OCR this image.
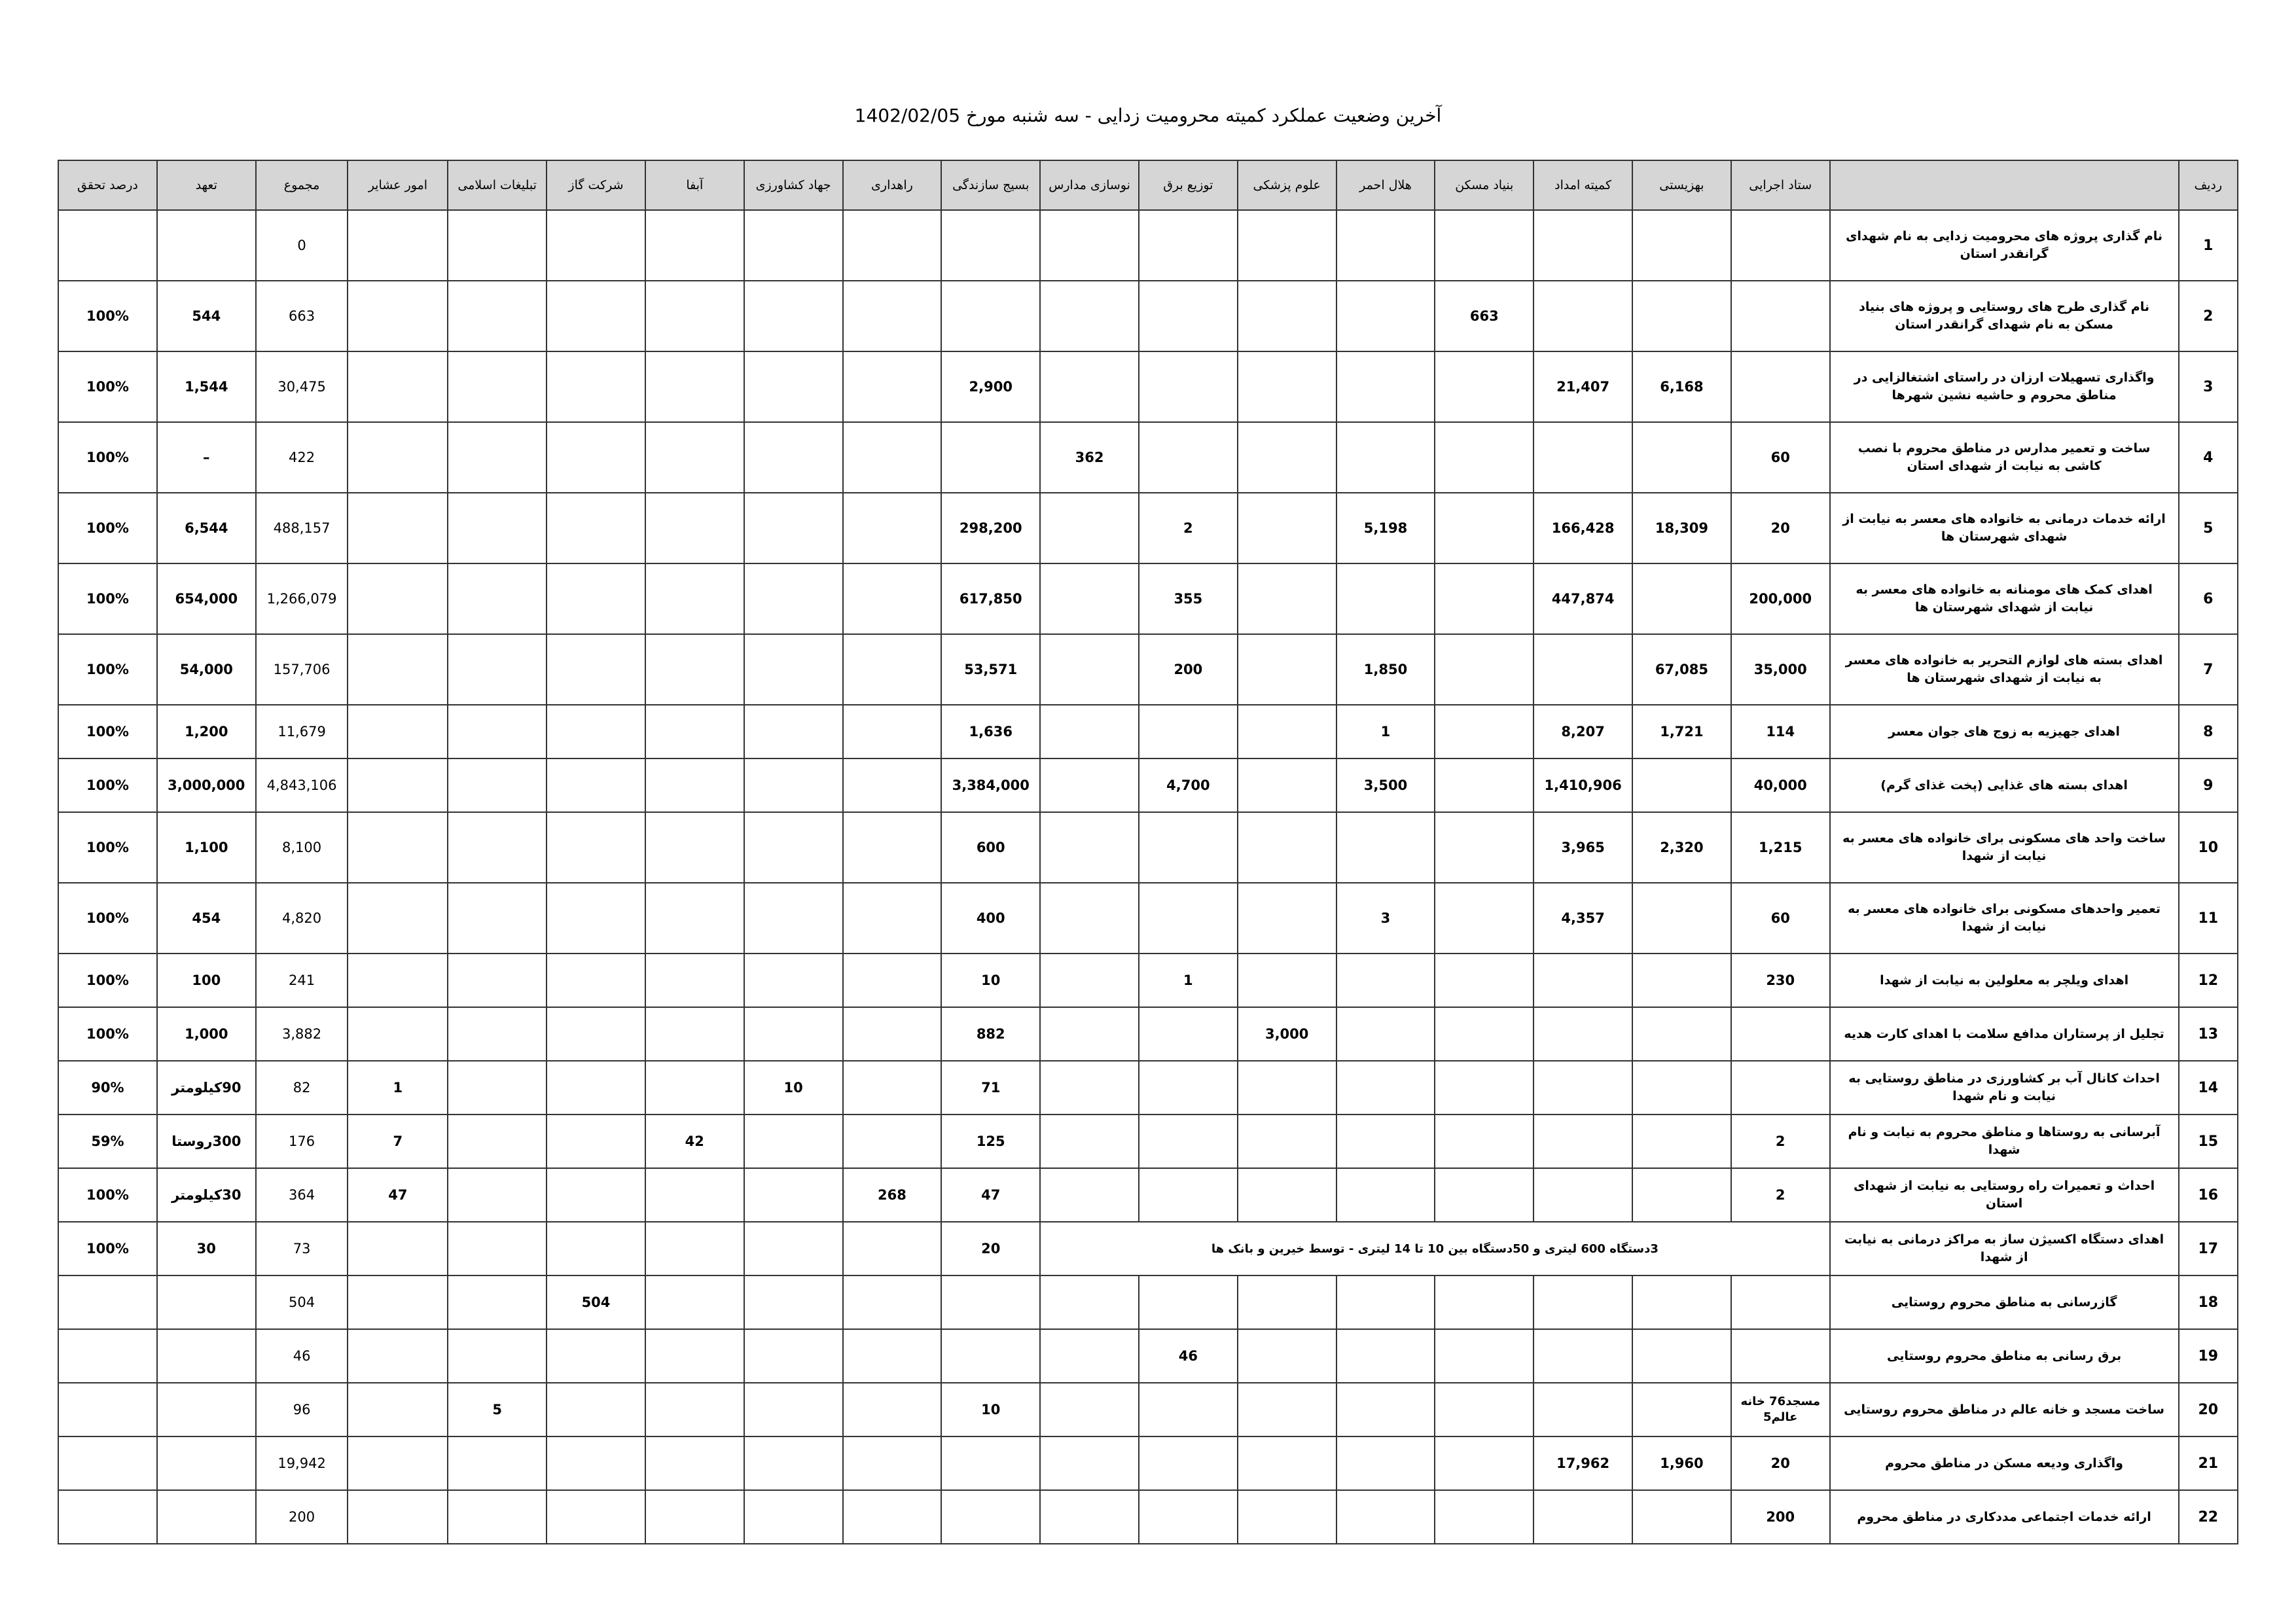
آخرین وضعیت عملکرد کمیته محرومیت زدایی - سه شنبه مورخ 1402/02/05
ردیف		ستاد اجرایی	بهزیستی	کمیته امداد	بنیاد مسکن	هلال احمر	علوم پزشکی	توزیع برق	نوسازی مدارس	بسیج سازندگی	راهداری	جهاد کشاورزی	آبفا	شرکت گاز	تبلیغات اسلامی	امور عشایر	مجموع	تعهد	درصد تحقق
1	نام گذاری پروژه های محرومیت زدایی به نام شهدای گرانقدر استان																0		
2	نام گذاری طرح های روستایی و پروژه های بنیاد مسکن به نام شهدای گرانقدر استان				663												663	544	100%
3	واگذاری تسهیلات ارزان در راستای اشتغالزایی در مناطق محروم و حاشیه نشین شهرها		6,168	21,407						2,900							30,475	1,544	100%
4	ساخت و تعمیر مدارس در مناطق محروم با نصب کاشی به نیابت از شهدای استان	60							362								422	–	100%
5	ارائه خدمات درمانی به خانواده های معسر به نیابت از شهدای شهرستان ها	20	18,309	166,428		5,198		2		298,200							488,157	6,544	100%
6	اهدای کمک های مومنانه به خانواده های معسر به نیابت از شهدای شهرستان ها	200,000		447,874				355		617,850							1,266,079	654,000	100%
7	اهدای بسته های لوازم التحریر به خانواده های معسر به نیابت از شهدای شهرستان ها	35,000	67,085			1,850		200		53,571							157,706	54,000	100%
8	اهدای جهیزیه به زوج های جوان معسر	114	1,721	8,207		1				1,636							11,679	1,200	100%
9	اهدای بسته های غذایی (پخت غذای گرم)	40,000		1,410,906		3,500		4,700		3,384,000							4,843,106	3,000,000	100%
10	ساخت واحد های مسکونی برای خانواده های معسر به نیابت از شهدا	1,215	2,320	3,965						600							8,100	1,100	100%
11	تعمیر واحدهای مسکونی برای خانواده های معسر به نیابت از شهدا	60		4,357		3				400							4,820	454	100%
12	اهدای ویلچر به معلولین به نیابت از شهدا	230						1		10							241	100	100%
13	تجلیل از پرستاران مدافع سلامت با اهدای کارت هدیه						3,000			882							3,882	1,000	100%
14	احداث کانال آب بر کشاورزی در مناطق روستایی به نیابت و نام شهدا									71		10				1	82	90کیلومتر	90%
15	آبرسانی به روستاها و مناطق محروم به نیابت و نام شهدا	2								125			42			7	176	300روستا	59%
16	احداث و تعمیرات راه روستایی به نیابت از شهدای استان	2								47	268					47	364	30کیلومتر	100%
17	اهدای دستگاه اکسیژن ساز به مراکز درمانی به نیابت از شهدا	3دستگاه 600 لیتری و 50دستگاه بین 10 تا 14 لیتری - توسط خیرین و بانک ها								20							73	30	100%
18	گازرسانی به مناطق محروم روستایی													504			504		
19	برق رسانی به مناطق محروم روستایی							46									46		
20	ساخت مسجد و خانه عالم در مناطق محروم روستایی	مسجد76 خانه عالم5								10					5		96		
21	واگذاری ودیعه مسکن در مناطق محروم	20	1,960	17,962													19,942		
22	ارائه خدمات اجتماعی مددکاری در مناطق محروم	200															200		
